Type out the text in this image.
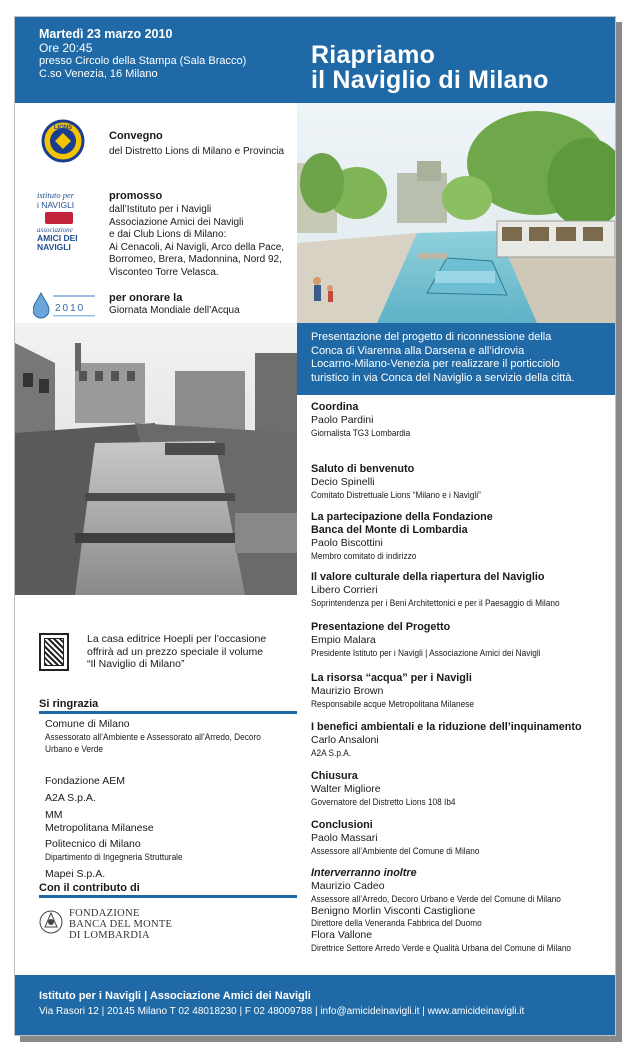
Martedì 23 marzo 2010
Ore 20:45
presso Circolo della Stampa (Sala Bracco)
C.so Venezia, 16 Milano
Riapriamo
il Naviglio di Milano
LIONS
Convegno
del Distretto Lions di Milano e Provincia
istituto per
i NAVIGLI
associazione
AMICI DEI
NAVIGLI
promosso
dall’Istituto per i Navigli
Associazione Amici dei Navigli
e dai Club Lions di Milano:
Ai Cenacoli, Ai Navigli, Arco della Pace,
Borromeo, Brera, Madonnina, Nord 92,
Visconteo Torre Velasca.
2010
per onorare la
Giornata Mondiale dell’Acqua
Presentazione del progetto di riconnessione della
Conca di Viarenna alla Darsena e all’idrovia
Locarno-Milano-Venezia per realizzare il porticciolo
turistico in via Conca del Naviglio a servizio della città.
Coordina
Paolo Pardini
Giornalista TG3 Lombardia
Saluto di benvenuto
Decio Spinelli
Comitato Distrettuale Lions “Milano e i Navigli”
La partecipazione della Fondazione
Banca del Monte di Lombardia
Paolo Biscottini
Membro comitato di indirizzo
Il valore culturale della riapertura del Naviglio
Libero Corrieri
Soprintendenza per i Beni Architettonici e per il Paesaggio di Milano
Presentazione del Progetto
Empio Malara
Presidente Istituto per i Navigli | Associazione Amici dei Navigli
La risorsa “acqua” per i Navigli
Maurizio Brown
Responsabile acque Metropolitana Milanese
I benefici ambientali e la riduzione dell’inquinamento
Carlo Ansaloni
A2A S.p.A.
Chiusura
Walter Migliore
Governatore del Distretto Lions 108 Ib4
Conclusioni
Paolo Massari
Assessore all’Ambiente del Comune di Milano
Interverranno inoltre
Maurizio Cadeo
Assessore all’Arredo, Decoro Urbano e Verde del Comune di Milano
Benigno Morlin Visconti Castiglione
Direttore della Veneranda Fabbrica del Duomo
Flora Vallone
Direttrice Settore Arredo Verde e Qualità Urbana del Comune di Milano
La casa editrice Hoepli per l’occasione
offrirà ad un prezzo speciale il volume
“Il Naviglio di Milano”
Si ringrazia
Comune di Milano
Assessorato all’Ambiente e Assessorato all’Arredo, Decoro
Urbano e Verde
Fondazione AEM
A2A S.p.A.
MM
Metropolitana Milanese
Politecnico di Milano
Dipartimento di Ingegneria Strutturale
Mapei S.p.A.
Con il contributo di
FONDAZIONE
BANCA DEL MONTE
DI LOMBARDIA
Istituto per i Navigli | Associazione Amici dei Navigli
Via Rasori 12 | 20145 Milano T 02 48018230 | F 02 48009788 | info@amicideinavigli.it | www.amicideinavigli.it
